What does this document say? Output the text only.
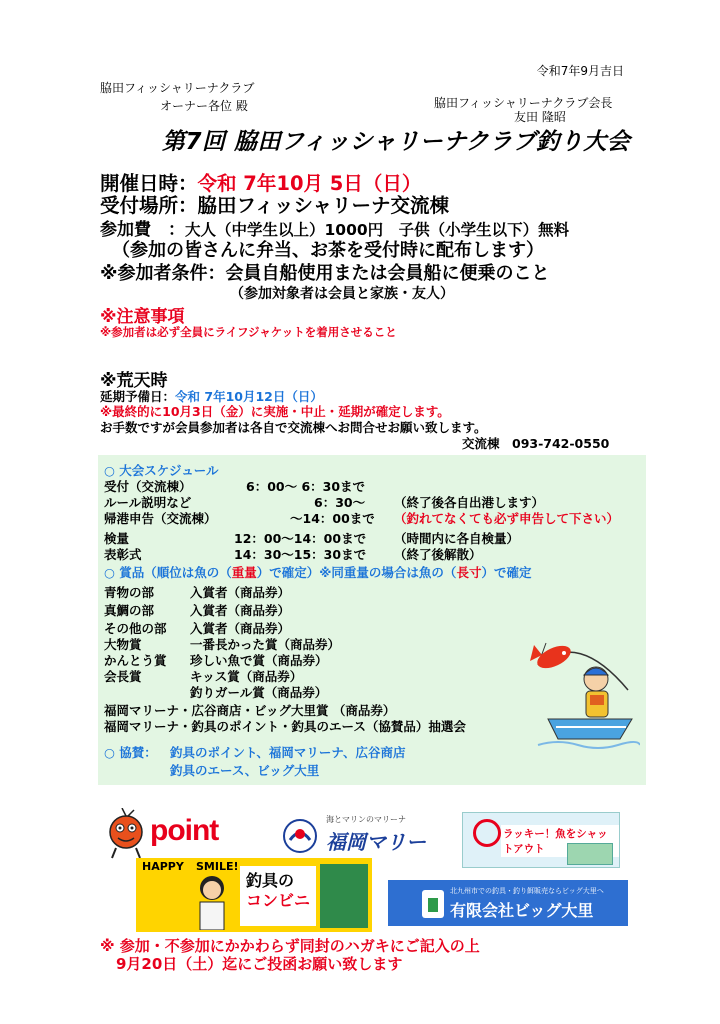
令和7年9月吉日
脇田フィッシャリーナクラブ
オーナー各位 殿	脇田フィッシャリーナクラブ会長
友田 隆昭
第7回 脇田フィッシャリーナクラブ釣り大会
開催日時：令和 7年10月 5日（日）
受付場所：脇田フィッシャリーナ交流棟
参加費　：大人（中学生以上）1000円　子供（小学生以下）無料
（参加の皆さんに弁当、お茶を受付時に配布します）
※参加者条件：会員自船使用または会員船に便乗のこと
（参加対象者は会員と家族・友人）
※注意事項
※参加者は必ず全員にライフジャケットを着用させること
※荒天時
延期予備日：令和 7年10月12日（日）
※最終的に10月3日（金）に実施・中止・延期が確定します。
お手数ですが会員参加者は各自で交流棟へお問合せお願い致します。
交流棟　093-742-0550
○ 大会スケジュール
受付（交流棟）	6：00～ 6：30まで
ルール説明など	6：30～ （終了後各自出港します）
帰港申告（交流棟）	～14：00まで （釣れてなくても必ず申告して下さい）
検量	12：00～14：00まで （時間内に各自検量）
表彰式	14：30～15：30まで （終了後解散）
○ 賞品（順位は魚の（重量）で確定）※同重量の場合は魚の（長寸）で確定
青物の部	入賞者（商品券）
真鯛の部	入賞者（商品券）
その他の部 入賞者（商品券）
大物賞	一番長かった賞（商品券）
かんとう賞 珍しい魚で賞（商品券）
会長賞	キッス賞（商品券）
釣りガール賞（商品券）
福岡マリーナ・広谷商店・ビッグ大里賞 （商品券）
福岡マリーナ・釣具のポイント・釣具のエース（協賛品）抽選会
○ 協賛： 釣具のポイント、福岡マリーナ、広谷商店
釣具のエース、ビッグ大里
point	海とマリンのマリーナ
福岡マリー	ラッキー！魚をシャットアウト
HAPPY SMILE!
釣具の
コンビニ	北九州市での釣具・釣り餌販売ならビッグ大里へ
有限会社ビッグ大里
※ 参加・不参加にかかわらず同封のハガキにご記入の上
9月20日（土）迄にご投函お願い致します
